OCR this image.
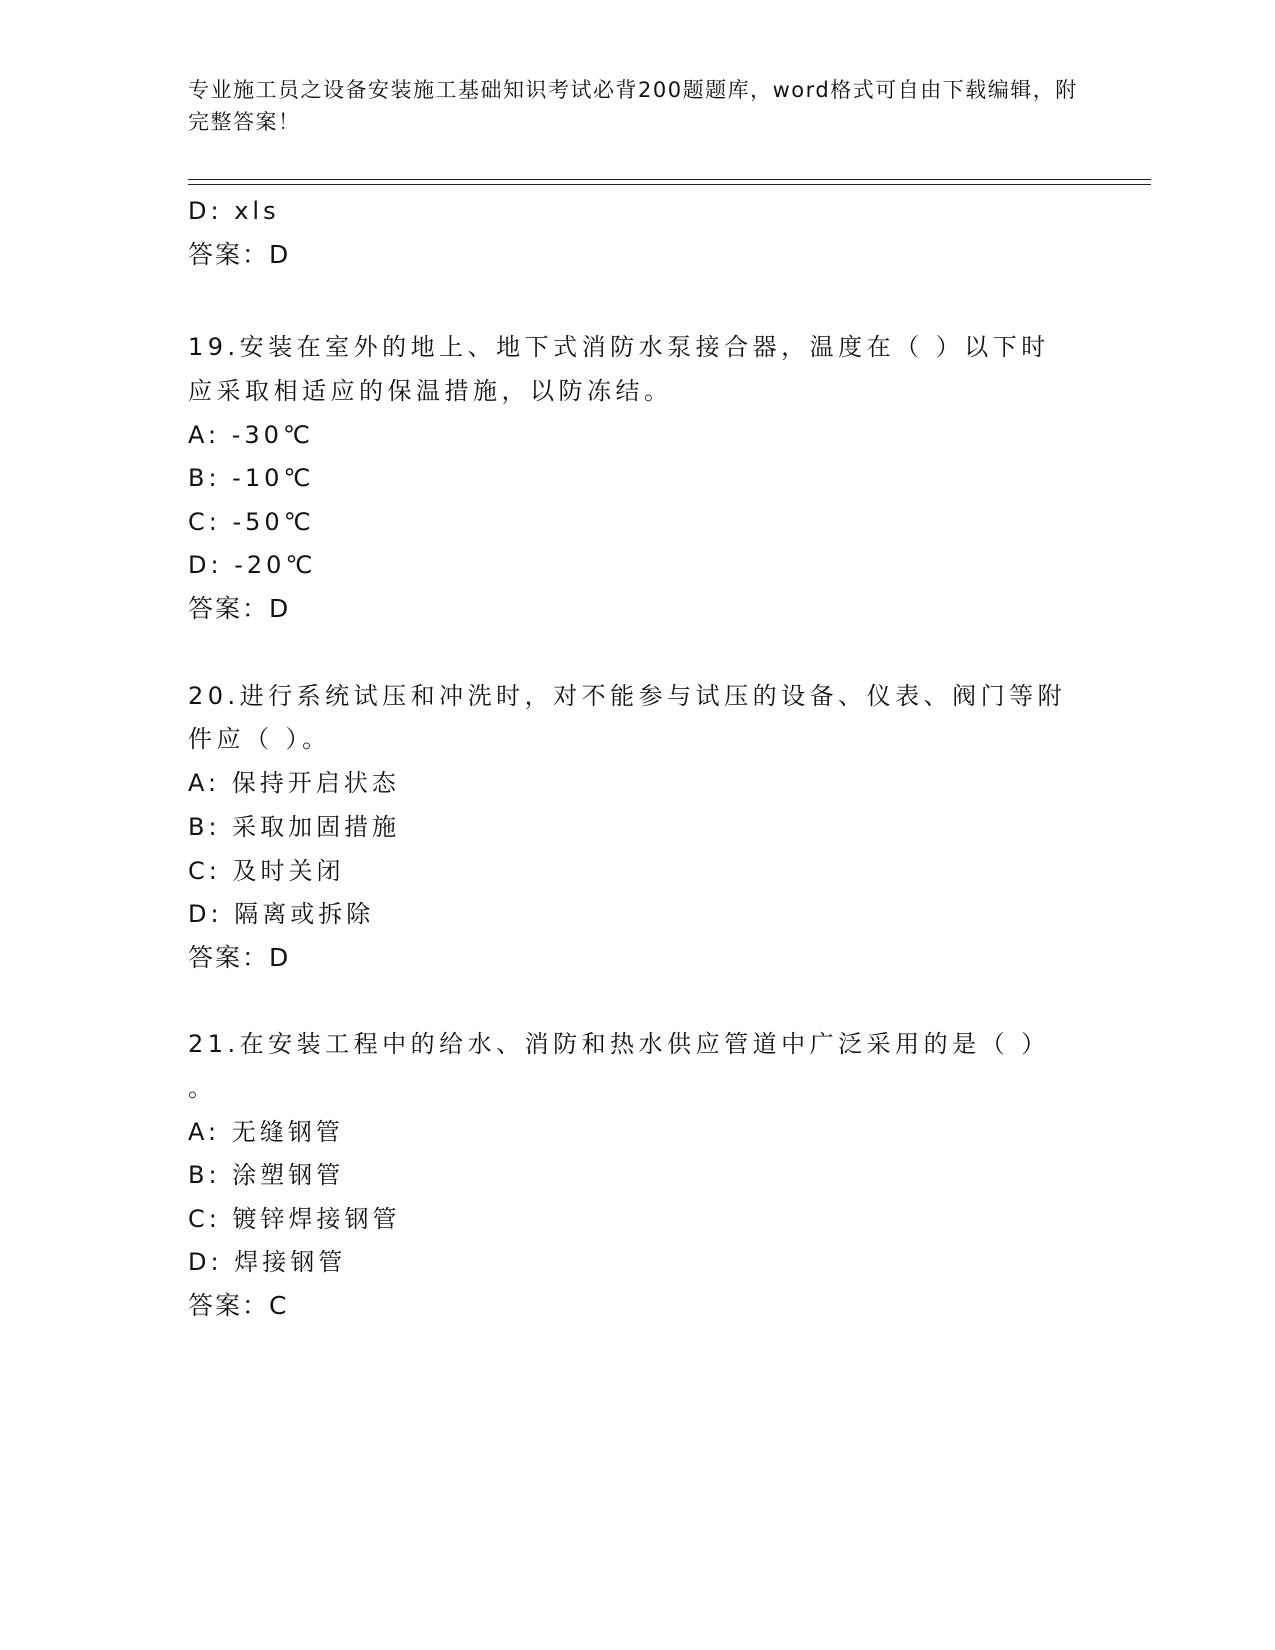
专业施工员之设备安装施工基础知识考试必背200题题库，word格式可自由下载编辑，附完整答案！
D: xls
答案：D
19.安装在室外的地上、地下式消防水泵接合器，温度在（ ）以下时
应采取相适应的保温措施，以防冻结。
A: -30℃
B: -10℃
C: -50℃
D: -20℃
答案：D
20.进行系统试压和冲洗时，对不能参与试压的设备、仪表、阀门等附
件应（ ）。
A: 保持开启状态
B: 采取加固措施
C: 及时关闭
D: 隔离或拆除
答案：D
21.在安装工程中的给水、消防和热水供应管道中广泛采用的是（ ）
。
A: 无缝钢管
B: 涂塑钢管
C: 镀锌焊接钢管
D: 焊接钢管
答案：C
